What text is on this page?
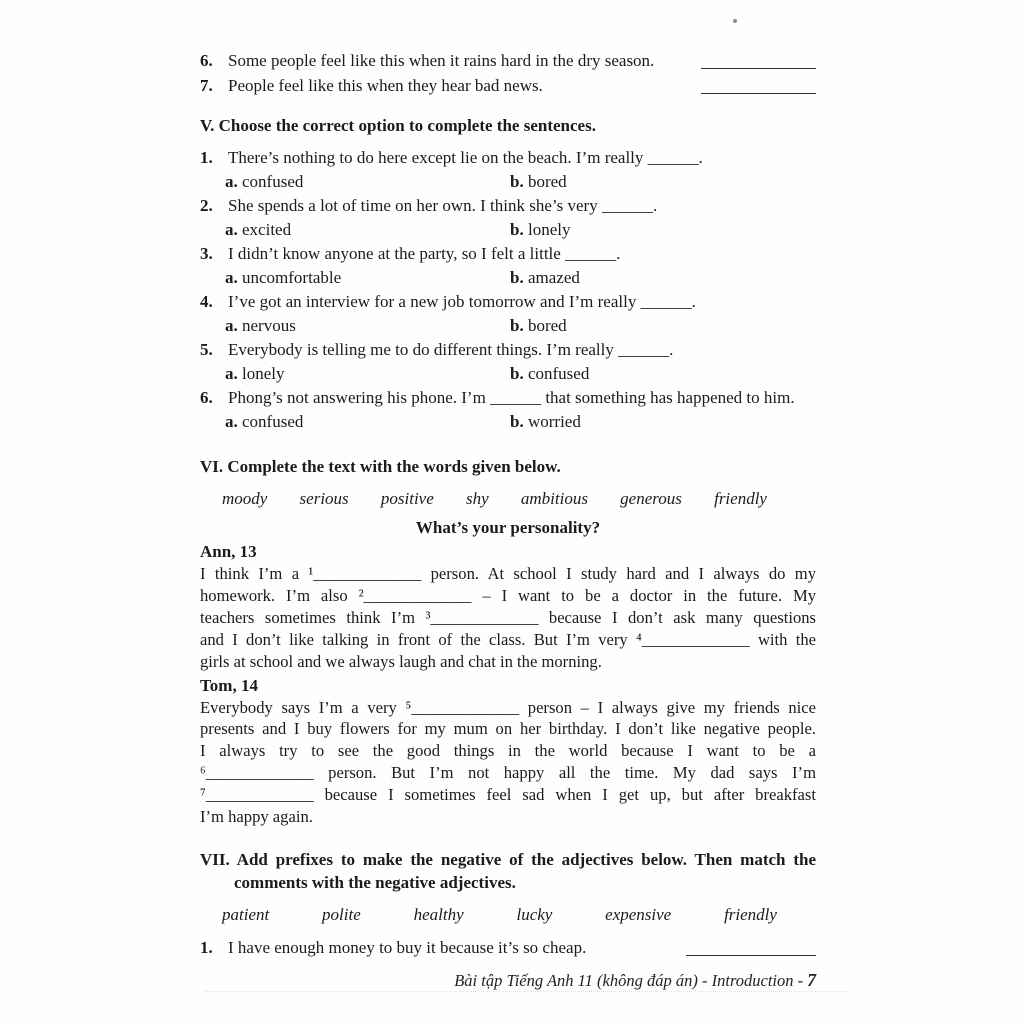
6. Some people feel like this when it rains hard in the dry season.
7. People feel like this when they hear bad news.
V. Choose the correct option to complete the sentences.
1. There’s nothing to do here except lie on the beach. I’m really ______.
a. confused	b. bored
2. She spends a lot of time on her own. I think she’s very ______.
a. excited	b. lonely
3. I didn’t know anyone at the party, so I felt a little ______.
a. uncomfortable	b. amazed
4. I’ve got an interview for a new job tomorrow and I’m really ______.
a. nervous	b. bored
5. Everybody is telling me to do different things. I’m really ______.
a. lonely	b. confused
6. Phong’s not answering his phone. I’m ______ that something has happened to him.
a. confused	b. worried
VI. Complete the text with the words given below.
moody serious positive shy ambitious generous friendly
What’s your personality?
Ann, 13
I think I’m a ¹_____________ person. At school I study hard and I always do my
homework. I’m also ²_____________ – I want to be a doctor in the future. My
teachers sometimes think I’m ³_____________ because I don’t ask many questions
and I don’t like talking in front of the class. But I’m very ⁴_____________ with the
girls at school and we always laugh and chat in the morning.
Tom, 14
Everybody says I’m a very ⁵_____________ person – I always give my friends nice
presents and I buy flowers for my mum on her birthday. I don’t like negative people.
I always try to see the good things in the world because I want to be a
⁶_____________ person. But I’m not happy all the time. My dad says I’m
⁷_____________ because I sometimes feel sad when I get up, but after breakfast
I’m happy again.
VII. Add prefixes to make the negative of the adjectives below. Then match the comments with the negative adjectives.
patient	polite	healthy	lucky	expensive	friendly
1. I have enough money to buy it because it’s so cheap.
Bài tập Tiếng Anh 11 (không đáp án) - Introduction - 7
